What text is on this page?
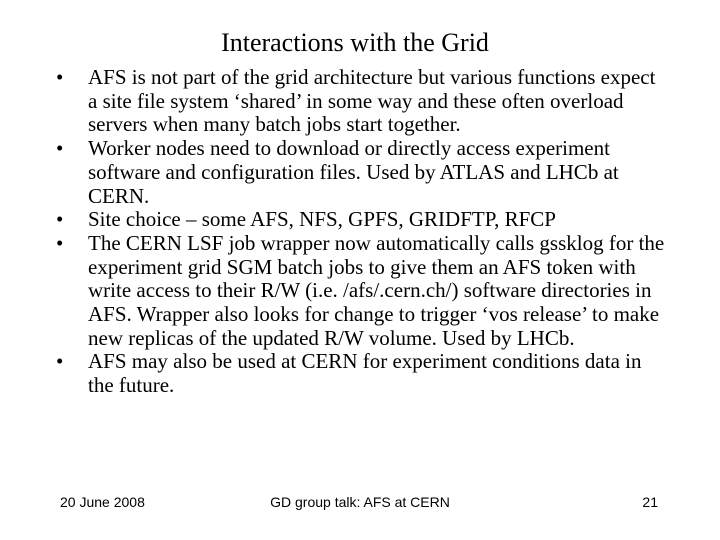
Interactions with the Grid
•	AFS is not part of the grid architecture but various functions expect a site file system ‘shared’ in some way and these often overload servers when many batch jobs start together.
•	Worker nodes need to download or directly access experiment software and configuration files. Used by ATLAS and LHCb at CERN.
•	Site choice – some AFS, NFS, GPFS, GRIDFTP, RFCP
•	The CERN LSF job wrapper now automatically calls gssklog for the experiment grid SGM batch jobs to give them an AFS token with write access to their R/W (i.e. /afs/.cern.ch/) software directories in AFS. Wrapper also looks for change to trigger ‘vos release’ to make new replicas of the updated R/W volume. Used by LHCb.
•	AFS may also be used at CERN for experiment conditions data in the future.
20 June 2008	GD group talk: AFS at CERN	21
